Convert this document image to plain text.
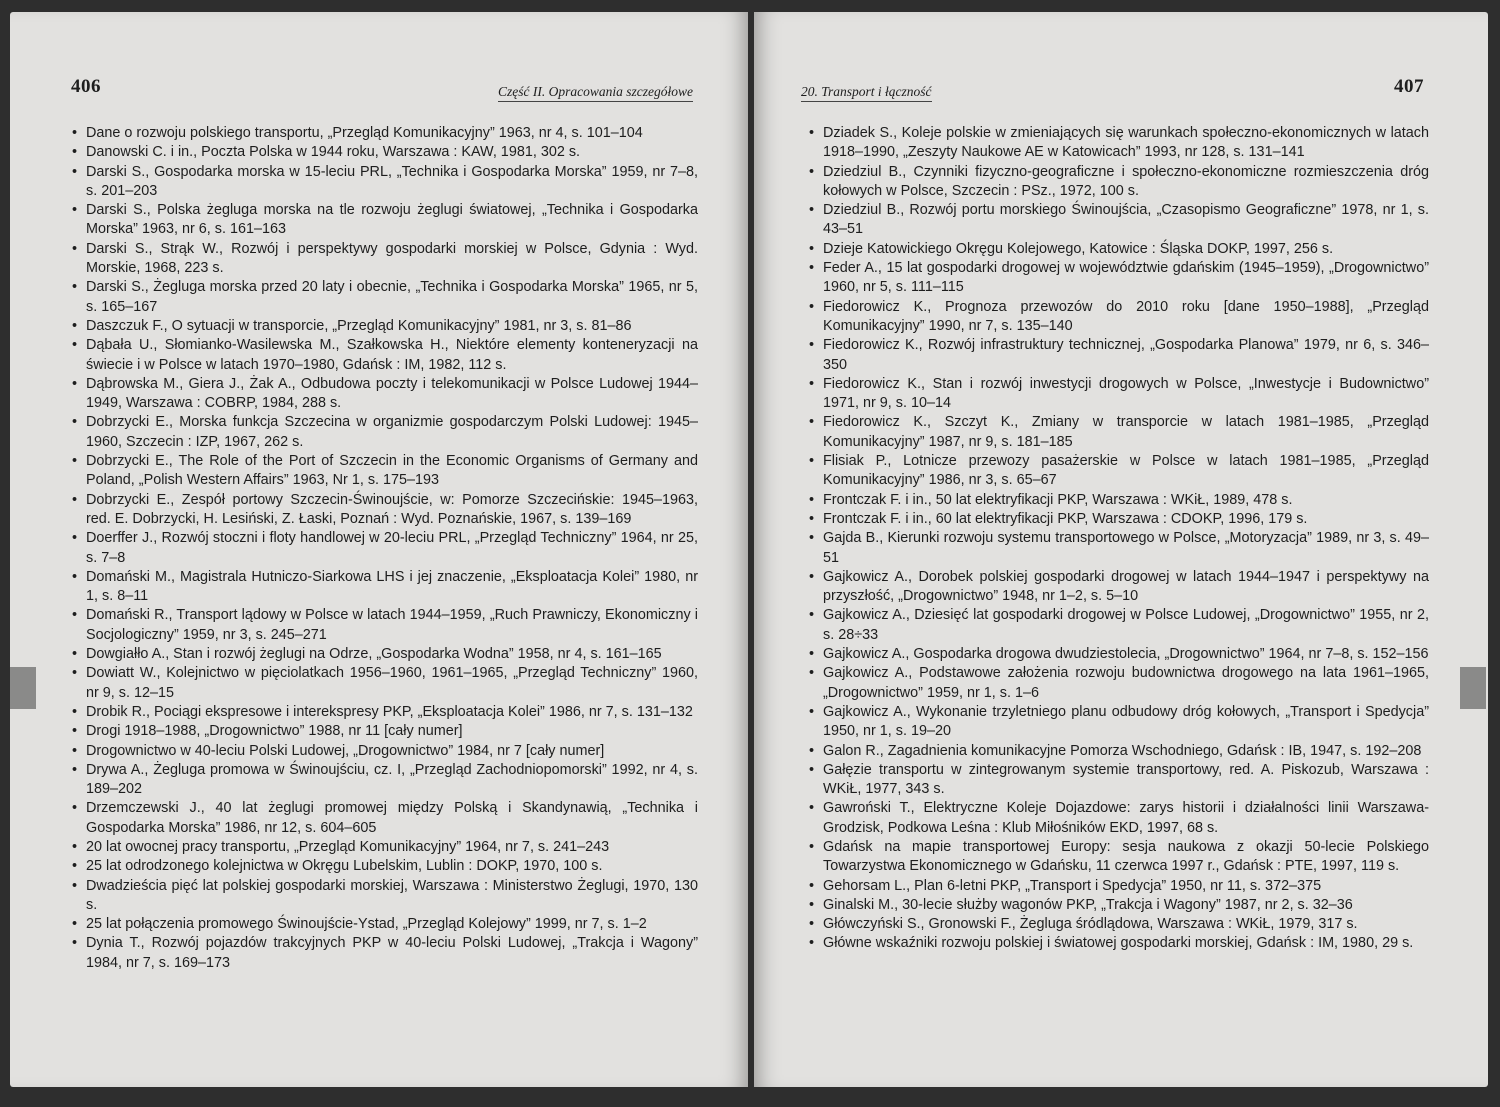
406	Część II. Opracowania szczegółowe
• Dane o rozwoju polskiego transportu, „Przegląd Komunikacyjny” 1963, nr 4, s. 101–104
• Danowski C. i in., Poczta Polska w 1944 roku, Warszawa : KAW, 1981, 302 s.
• Darski S., Gospodarka morska w 15-leciu PRL, „Technika i Gospodarka Morska” 1959, nr 7–8, s. 201–203
• Darski S., Polska żegluga morska na tle rozwoju żeglugi światowej, „Technika i Gospodarka Morska” 1963, nr 6, s. 161–163
• Darski S., Strąk W., Rozwój i perspektywy gospodarki morskiej w Polsce, Gdynia : Wyd. Morskie, 1968, 223 s.
• Darski S., Żegluga morska przed 20 laty i obecnie, „Technika i Gospodarka Morska” 1965, nr 5, s. 165–167
• Daszczuk F., O sytuacji w transporcie, „Przegląd Komunikacyjny” 1981, nr 3, s. 81–86
• Dąbała U., Słomianko-Wasilewska M., Szałkowska H., Niektóre elementy konteneryzacji na świecie i w Polsce w latach 1970–1980, Gdańsk : IM, 1982, 112 s.
• Dąbrowska M., Giera J., Żak A., Odbudowa poczty i telekomunikacji w Polsce Ludowej 1944–1949, Warszawa : COBRP, 1984, 288 s.
• Dobrzycki E., Morska funkcja Szczecina w organizmie gospodarczym Polski Ludowej: 1945–1960, Szczecin : IZP, 1967, 262 s.
• Dobrzycki E., The Role of the Port of Szczecin in the Economic Organisms of Germany and Poland, „Polish Western Affairs” 1963, Nr 1, s. 175–193
• Dobrzycki E., Zespół portowy Szczecin-Świnoujście, w: Pomorze Szczecińskie: 1945–1963, red. E. Dobrzycki, H. Lesiński, Z. Łaski, Poznań : Wyd. Poznańskie, 1967, s. 139–169
• Doerffer J., Rozwój stoczni i floty handlowej w 20-leciu PRL, „Przegląd Techniczny” 1964, nr 25, s. 7–8
• Domański M., Magistrala Hutniczo-Siarkowa LHS i jej znaczenie, „Eksploatacja Kolei” 1980, nr 1, s. 8–11
• Domański R., Transport lądowy w Polsce w latach 1944–1959, „Ruch Prawniczy, Ekonomiczny i Socjologiczny” 1959, nr 3, s. 245–271
• Dowgiałło A., Stan i rozwój żeglugi na Odrze, „Gospodarka Wodna” 1958, nr 4, s. 161–165
• Dowiatt W., Kolejnictwo w pięciolatkach 1956–1960, 1961–1965, „Przegląd Techniczny” 1960, nr 9, s. 12–15
• Drobik R., Pociągi ekspresowe i interekspresy PKP, „Eksploatacja Kolei” 1986, nr 7, s. 131–132
• Drogi 1918–1988, „Drogownictwo” 1988, nr 11 [cały numer]
• Drogownictwo w 40-leciu Polski Ludowej, „Drogownictwo” 1984, nr 7 [cały numer]
• Drywa A., Żegluga promowa w Świnoujściu, cz. I, „Przegląd Zachodniopomorski” 1992, nr 4, s. 189–202
• Drzemczewski J., 40 lat żeglugi promowej między Polską i Skandynawią, „Technika i Gospodarka Morska” 1986, nr 12, s. 604–605
• 20 lat owocnej pracy transportu, „Przegląd Komunikacyjny” 1964, nr 7, s. 241–243
• 25 lat odrodzonego kolejnictwa w Okręgu Lubelskim, Lublin : DOKP, 1970, 100 s.
• Dwadzieścia pięć lat polskiej gospodarki morskiej, Warszawa : Ministerstwo Żeglugi, 1970, 130 s.
• 25 lat połączenia promowego Świnoujście-Ystad, „Przegląd Kolejowy” 1999, nr 7, s. 1–2
• Dynia T., Rozwój pojazdów trakcyjnych PKP w 40-leciu Polski Ludowej, „Trakcja i Wagony” 1984, nr 7, s. 169–173
407
20. Transport i łączność
• Dziadek S., Koleje polskie w zmieniających się warunkach społeczno-ekonomicznych w latach 1918–1990, „Zeszyty Naukowe AE w Katowicach” 1993, nr 128, s. 131–141
• Dziedziul B., Czynniki fizyczno-geograficzne i społeczno-ekonomiczne rozmieszczenia dróg kołowych w Polsce, Szczecin : PSz., 1972, 100 s.
• Dziedziul B., Rozwój portu morskiego Świnoujścia, „Czasopismo Geograficzne” 1978, nr 1, s. 43–51
• Dzieje Katowickiego Okręgu Kolejowego, Katowice : Śląska DOKP, 1997, 256 s.
• Feder A., 15 lat gospodarki drogowej w województwie gdańskim (1945–1959), „Drogownictwo” 1960, nr 5, s. 111–115
• Fiedorowicz K., Prognoza przewozów do 2010 roku [dane 1950–1988], „Przegląd Komunikacyjny” 1990, nr 7, s. 135–140
• Fiedorowicz K., Rozwój infrastruktury technicznej, „Gospodarka Planowa” 1979, nr 6, s. 346–350
• Fiedorowicz K., Stan i rozwój inwestycji drogowych w Polsce, „Inwestycje i Budownictwo” 1971, nr 9, s. 10–14
• Fiedorowicz K., Szczyt K., Zmiany w transporcie w latach 1981–1985, „Przegląd Komunikacyjny” 1987, nr 9, s. 181–185
• Flisiak P., Lotnicze przewozy pasażerskie w Polsce w latach 1981–1985, „Przegląd Komunikacyjny” 1986, nr 3, s. 65–67
• Frontczak F. i in., 50 lat elektryfikacji PKP, Warszawa : WKiŁ, 1989, 478 s.
• Frontczak F. i in., 60 lat elektryfikacji PKP, Warszawa : CDOKP, 1996, 179 s.
• Gajda B., Kierunki rozwoju systemu transportowego w Polsce, „Motoryzacja” 1989, nr 3, s. 49–51
• Gajkowicz A., Dorobek polskiej gospodarki drogowej w latach 1944–1947 i perspektywy na przyszłość, „Drogownictwo” 1948, nr 1–2, s. 5–10
• Gajkowicz A., Dziesięć lat gospodarki drogowej w Polsce Ludowej, „Drogownictwo” 1955, nr 2, s. 28÷33
• Gajkowicz A., Gospodarka drogowa dwudziestolecia, „Drogownictwo” 1964, nr 7–8, s. 152–156
• Gajkowicz A., Podstawowe założenia rozwoju budownictwa drogowego na lata 1961–1965, „Drogownictwo” 1959, nr 1, s. 1–6
• Gajkowicz A., Wykonanie trzyletniego planu odbudowy dróg kołowych, „Transport i Spedycja” 1950, nr 1, s. 19–20
• Galon R., Zagadnienia komunikacyjne Pomorza Wschodniego, Gdańsk : IB, 1947, s. 192–208
• Gałęzie transportu w zintegrowanym systemie transportowy, red. A. Piskozub, Warszawa : WKiŁ, 1977, 343 s.
• Gawroński T., Elektryczne Koleje Dojazdowe: zarys historii i działalności linii Warszawa-Grodzisk, Podkowa Leśna : Klub Miłośników EKD, 1997, 68 s.
• Gdańsk na mapie transportowej Europy: sesja naukowa z okazji 50-lecie Polskiego Towarzystwa Ekonomicznego w Gdańsku, 11 czerwca 1997 r., Gdańsk : PTE, 1997, 119 s.
• Gehorsam L., Plan 6-letni PKP, „Transport i Spedycja” 1950, nr 11, s. 372–375
• Ginalski M., 30-lecie służby wagonów PKP, „Trakcja i Wagony” 1987, nr 2, s. 32–36
• Główczyński S., Gronowski F., Żegluga śródlądowa, Warszawa : WKiŁ, 1979, 317 s.
• Główne wskaźniki rozwoju polskiej i światowej gospodarki morskiej, Gdańsk : IM, 1980, 29 s.
